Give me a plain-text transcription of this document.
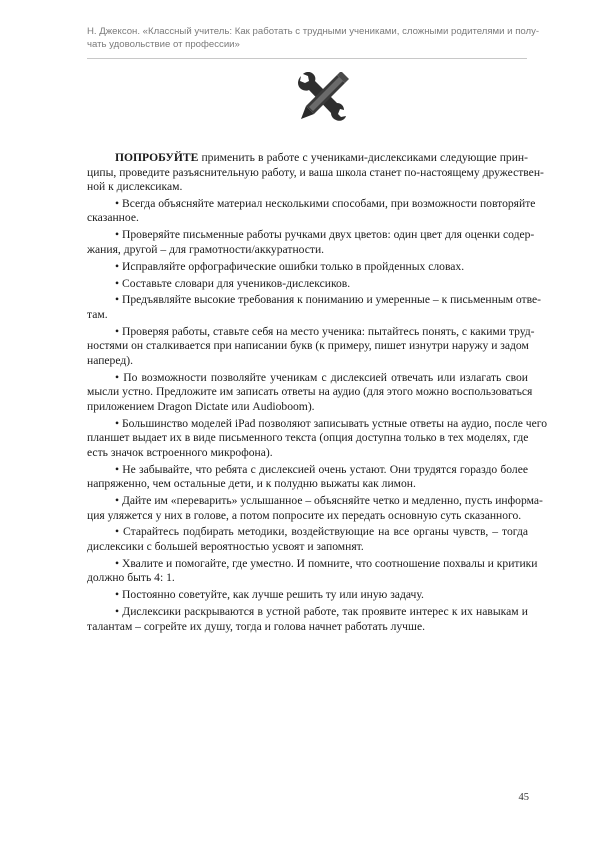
Н. Джексон. «Классный учитель: Как работать с трудными учениками, сложными родителями и полу-
чать удовольствие от профессии»

ПОПРОБУЙТЕ применить в работе с учениками-дислексиками следующие прин-
ципы, проведите разъяснительную работу, и ваша школа станет по-настоящему дружествен-
ной к дислексикам.

• Всегда объясняйте материал несколькими способами, при возможности повторяйте
сказанное.

• Проверяйте письменные работы ручками двух цветов: один цвет для оценки содер-
жания, другой – для грамотности/аккуратности.

• Исправляйте орфографические ошибки только в пройденных словах.

• Составьте словари для учеников-дислексиков.

• Предъявляйте высокие требования к пониманию и умеренные – к письменным отве-
там.

• Проверяя работы, ставьте себя на место ученика: пытайтесь понять, с какими труд-
ностями он сталкивается при написании букв (к примеру, пишет изнутри наружу и задом
наперед).

• По возможности позволяйте ученикам с дислексией отвечать или излагать свои
мысли устно. Предложите им записать ответы на аудио (для этого можно воспользоваться
приложением Dragon Dictate или Audioboom).

• Большинство моделей iPad позволяют записывать устные ответы на аудио, после чего
планшет выдает их в виде письменного текста (опция доступна только в тех моделях, где
есть значок встроенного микрофона).

• Не забывайте, что ребята с дислексией очень устают. Они трудятся гораздо более
напряженно, чем остальные дети, и к полудню выжаты как лимон.

• Дайте им «переварить» услышанное – объясняйте четко и медленно, пусть информа-
ция уляжется у них в голове, а потом попросите их передать основную суть сказанного.

• Старайтесь подбирать методики, воздействующие на все органы чувств, – тогда
дислексики с большей вероятностью усвоят и запомнят.

• Хвалите и помогайте, где уместно. И помните, что соотношение похвалы и критики
должно быть 4: 1.

• Постоянно советуйте, как лучше решить ту или иную задачу.

• Дислексики раскрываются в устной работе, так проявите интерес к их навыкам и
талантам – согрейте их душу, тогда и голова начнет работать лучше.

45
